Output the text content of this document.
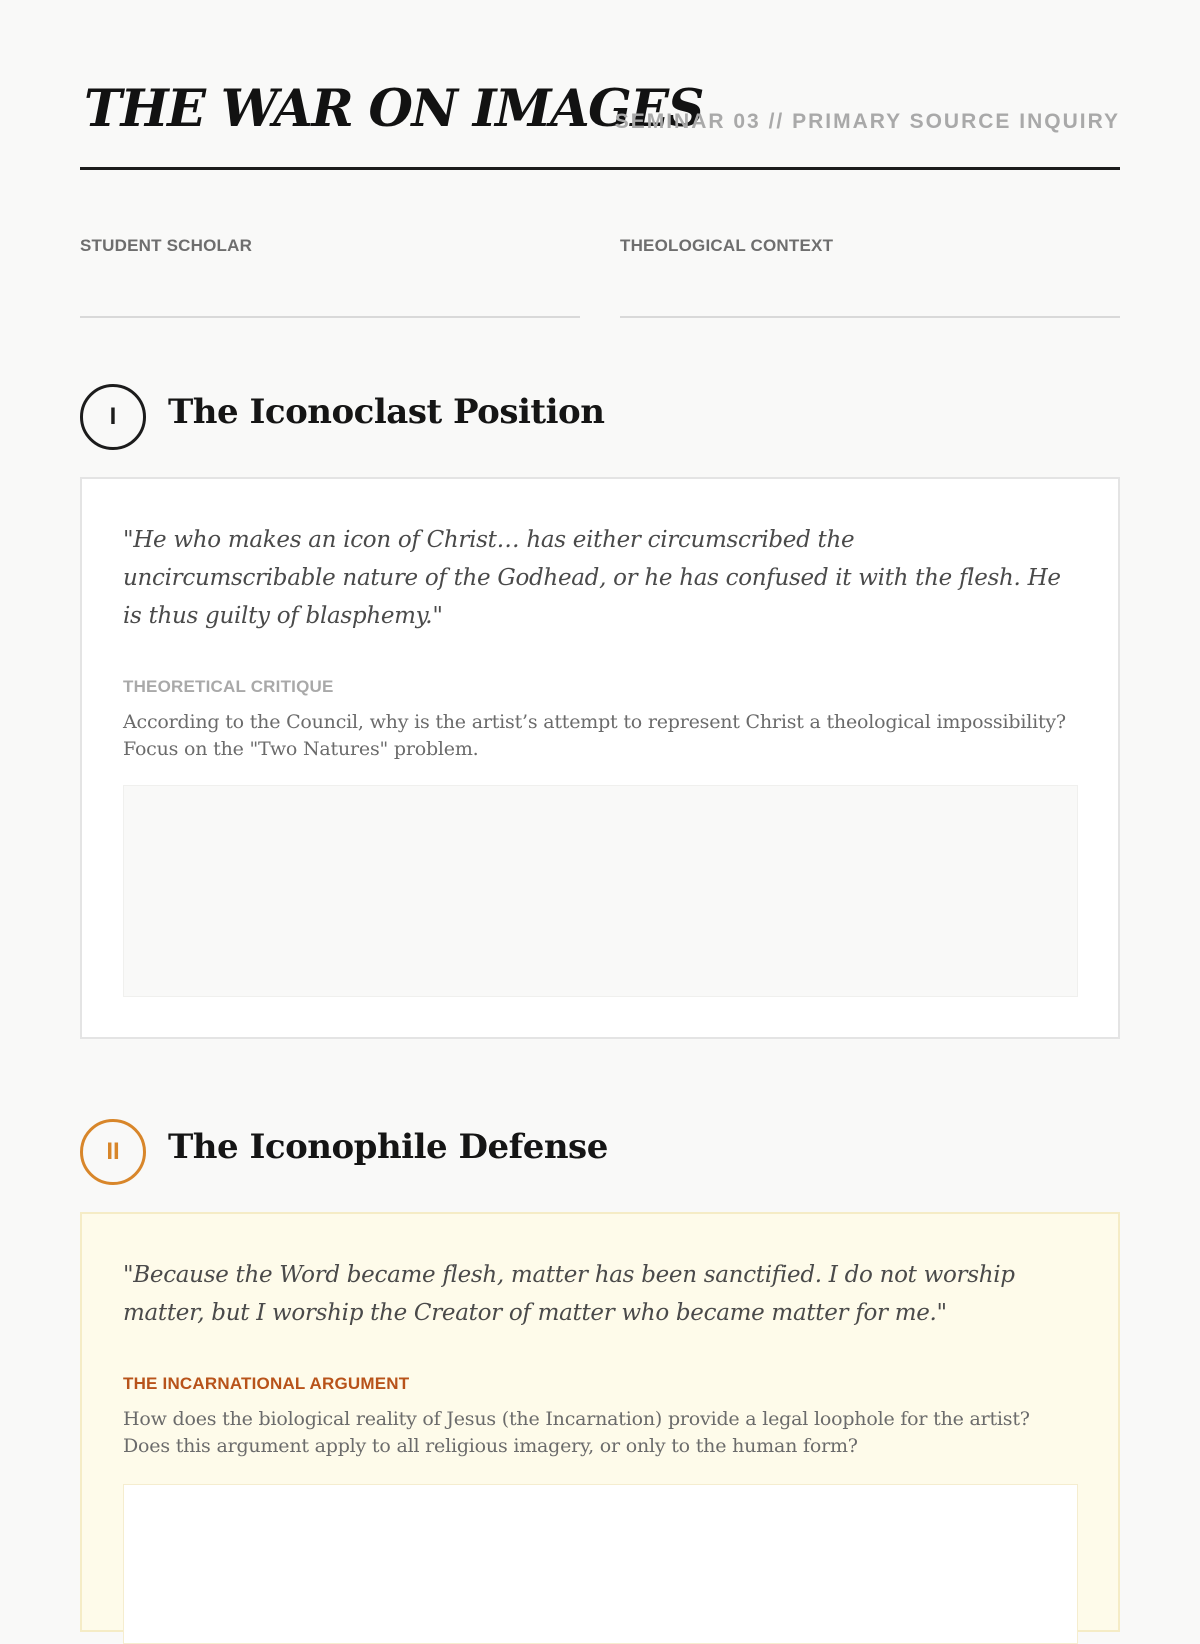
THE WAR ON IMAGES
SEMINAR 03 // PRIMARY SOURCE INQUIRY
STUDENT SCHOLAR	THEOLOGICAL CONTEXT
I	The Iconoclast Position

"He who makes an icon of Christ… has either circumscribed the uncircumscribable nature of the Godhead, or he has confused it with the flesh. He is thus guilty of blasphemy."

THEORETICAL CRITIQUE

According to the Council, why is the artist’s attempt to represent Christ a theological impossibility? Focus on the "Two Natures" problem.

II	The Iconophile Defense

"Because the Word became flesh, matter has been sanctified. I do not worship matter, but I worship the Creator of matter who became matter for me."

THE INCARNATIONAL ARGUMENT

How does the biological reality of Jesus (the Incarnation) provide a legal loophole for the artist? Does this argument apply to all religious imagery, or only to the human form?
